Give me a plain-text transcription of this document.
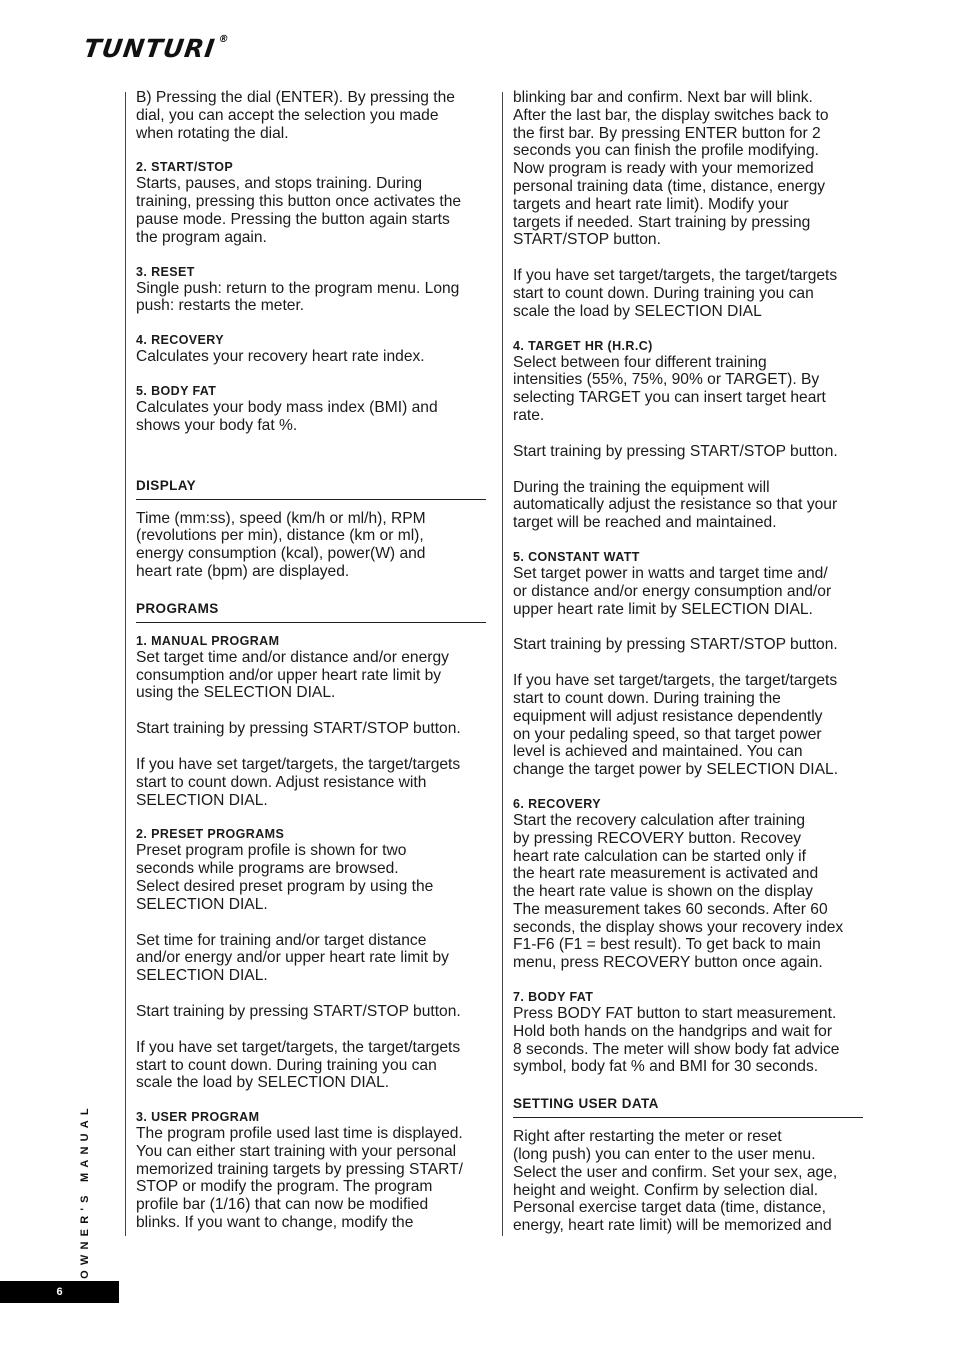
TUNTURI®

B) Pressing the dial (ENTER). By pressing the
dial, you can accept the selection you made
when rotating the dial.

2. START/STOP

Starts, pauses, and stops training. During
training, pressing this button once activates the
pause mode. Pressing the button again starts
the program again.

3. RESET

Single push: return to the program menu. Long
push: restarts the meter.

4. RECOVERY

Calculates your recovery heart rate index.

5. BODY FAT

Calculates your body mass index (BMI) and
shows your body fat %.

DISPLAY

Time (mm:ss), speed (km/h or ml/h), RPM
(revolutions per min), distance (km or ml),
energy consumption (kcal), power(W) and
heart rate (bpm) are displayed.

PROGRAMS
1. MANUAL PROGRAM

Set target time and/or distance and/or energy
consumption and/or upper heart rate limit by
using the SELECTION DIAL.

Start training by pressing START/STOP button.

If you have set target/targets, the target/targets
start to count down. Adjust resistance with
SELECTION DIAL.

2. PRESET PROGRAMS

Preset program profile is shown for two
seconds while programs are browsed.
Select desired preset program by using the
SELECTION DIAL.

Set time for training and/or target distance
and/or energy and/or upper heart rate limit by
SELECTION DIAL.

Start training by pressing START/STOP button.

If you have set target/targets, the target/targets
start to count down. During training you can
scale the load by SELECTION DIAL.

3. USER PROGRAM

The program profile used last time is displayed.
You can either start training with your personal
memorized training targets by pressing START/
STOP or modify the program. The program
profile bar (1/16) that can now be modified
blinks. If you want to change, modify the

blinking bar and confirm. Next bar will blink.
After the last bar, the display switches back to
the first bar. By pressing ENTER button for 2
seconds you can finish the profile modifying.
Now program is ready with your memorized
personal training data (time, distance, energy
targets and heart rate limit). Modify your
targets if needed. Start training by pressing
START/STOP button.

If you have set target/targets, the target/targets
start to count down. During training you can
scale the load by SELECTION DIAL

4. TARGET HR (H.R.C)

Select between four different training
intensities (55%, 75%, 90% or TARGET). By
selecting TARGET you can insert target heart
rate.

Start training by pressing START/STOP button.

During the training the equipment will
automatically adjust the resistance so that your
target will be reached and maintained.

5. CONSTANT WATT

Set target power in watts and target time and/
or distance and/or energy consumption and/or
upper heart rate limit by SELECTION DIAL.

Start training by pressing START/STOP button.

If you have set target/targets, the target/targets
start to count down. During training the
equipment will adjust resistance dependently
on your pedaling speed, so that target power
level is achieved and maintained. You can
change the target power by SELECTION DIAL.

6. RECOVERY

Start the recovery calculation after training
by pressing RECOVERY button. Recovey
heart rate calculation can be started only if
the heart rate measurement is activated and
the heart rate value is shown on the display
The measurement takes 60 seconds. After 60
seconds, the display shows your recovery index
F1-F6 (F1 = best result). To get back to main
menu, press RECOVERY button once again.

7. BODY FAT

Press BODY FAT button to start measurement.
Hold both hands on the handgrips and wait for
8 seconds. The meter will show body fat advice
symbol, body fat % and BMI for 30 seconds.

SETTING USER DATA

Right after restarting the meter or reset
(long push) you can enter to the user menu.
Select the user and confirm. Set your sex, age,
height and weight. Confirm by selection dial.
Personal exercise target data (time, distance,
energy, heart rate limit) will be memorized and

OWNER'S MANUAL
6
